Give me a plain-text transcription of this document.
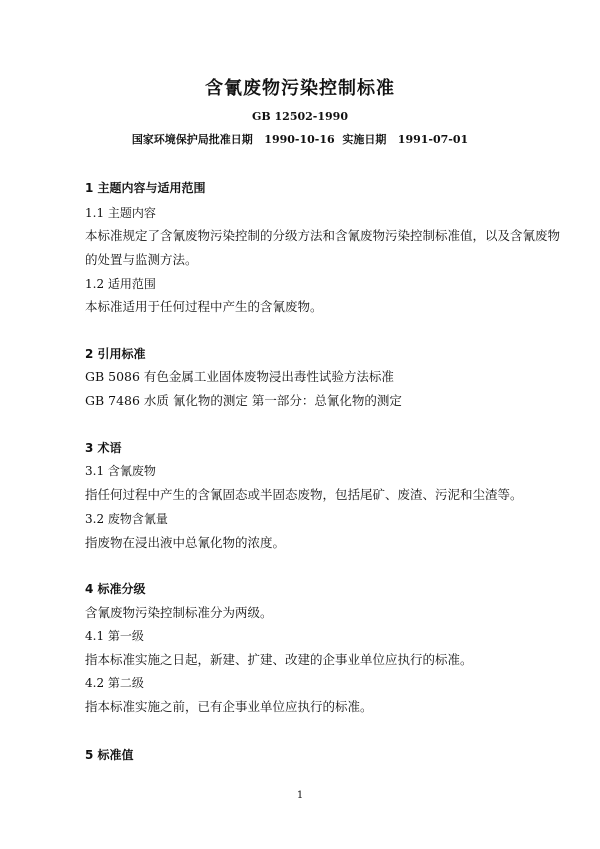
含氰废物污染控制标准
GB 12502-1990
国家环境保护局批准日期   1990-10-16  实施日期   1991-07-01
1 主题内容与适用范围
1.1 主题内容
本标准规定了含氰废物污染控制的分级方法和含氰废物污染控制标准值，以及含氰废物
的处置与监测方法。
1.2 适用范围
本标准适用于任何过程中产生的含氰废物。
2 引用标准
GB 5086 有色金属工业固体废物浸出毒性试验方法标准
GB 7486 水质 氰化物的测定 第一部分：总氰化物的测定
3 术语
3.1 含氰废物
指任何过程中产生的含氰固态或半固态废物，包括尾矿、废渣、污泥和尘渣等。
3.2 废物含氰量
指废物在浸出液中总氰化物的浓度。
4 标准分级
含氰废物污染控制标准分为两级。
4.1 第一级
指本标准实施之日起，新建、扩建、改建的企事业单位应执行的标准。
4.2 第二级
指本标准实施之前，已有企事业单位应执行的标准。
5 标准值
1
